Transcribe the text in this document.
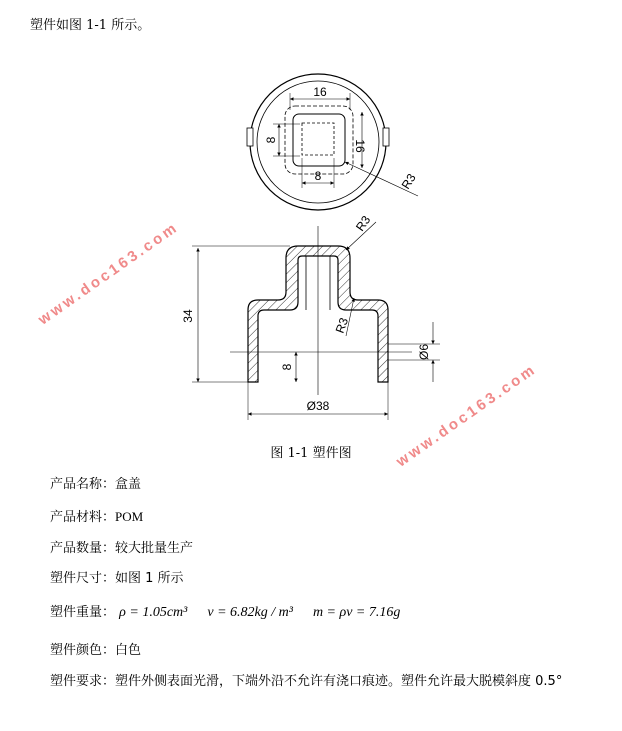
塑件如图 1-1 所示。
16
16
8
8	R3
34
R3
R3
Ø6
8
Ø38
www.doc163.com
www.doc163.com
图 1-1 塑件图
产品名称：盒盖
产品材料：POM
产品数量：较大批量生产
塑件尺寸：如图 1 所示
塑件重量： ρ = 1.05cm³ v = 6.82kg / m³ m = ρv = 7.16g
塑件颜色：白色
塑件要求：塑件外侧表面光滑，下端外沿不允许有浇口痕迹。塑件允许最大脱模斜度 0.5°
